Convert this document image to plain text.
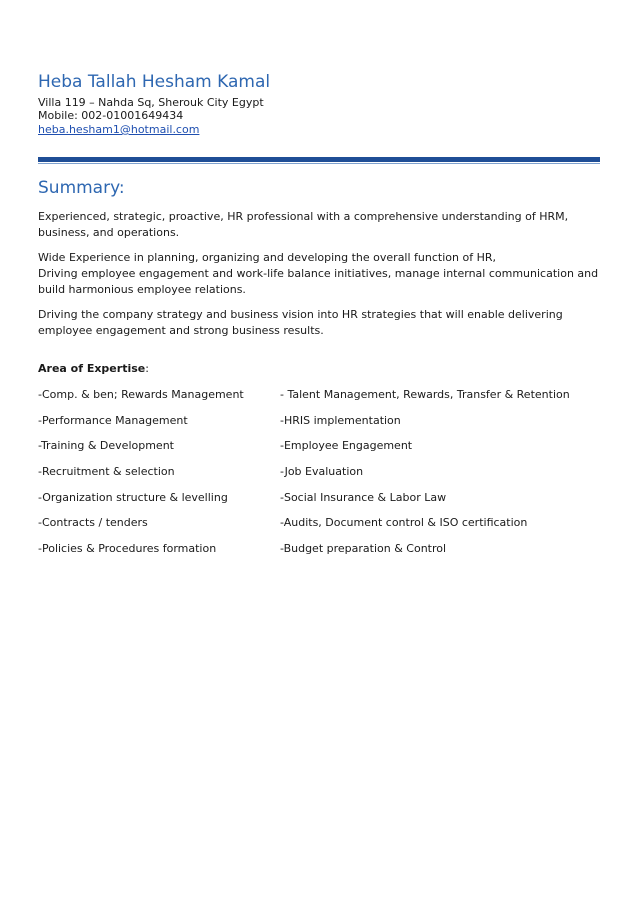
Heba Tallah Hesham Kamal
Villa 119 – Nahda Sq, Sherouk City Egypt
Mobile: 002-01001649434
heba.hesham1@hotmail.com
Summary:
Experienced, strategic, proactive, HR professional with a comprehensive understanding of HRM,
business, and operations.
Wide Experience in planning, organizing and developing the overall function of HR,
Driving employee engagement and work-life balance initiatives, manage internal communication and
build harmonious employee relations.
Driving the company strategy and business vision into HR strategies that will enable delivering
employee engagement and strong business results.
Area of Expertise:
-Comp. & ben; Rewards Management
-Performance Management
-Training & Development
-Recruitment & selection
-Organization structure & levelling
-Contracts / tenders
-Policies & Procedures formation
- Talent Management, Rewards, Transfer & Retention
-HRIS implementation
-Employee Engagement
-Job Evaluation
-Social Insurance & Labor Law
-Audits, Document control & ISO certification
-Budget preparation & Control
